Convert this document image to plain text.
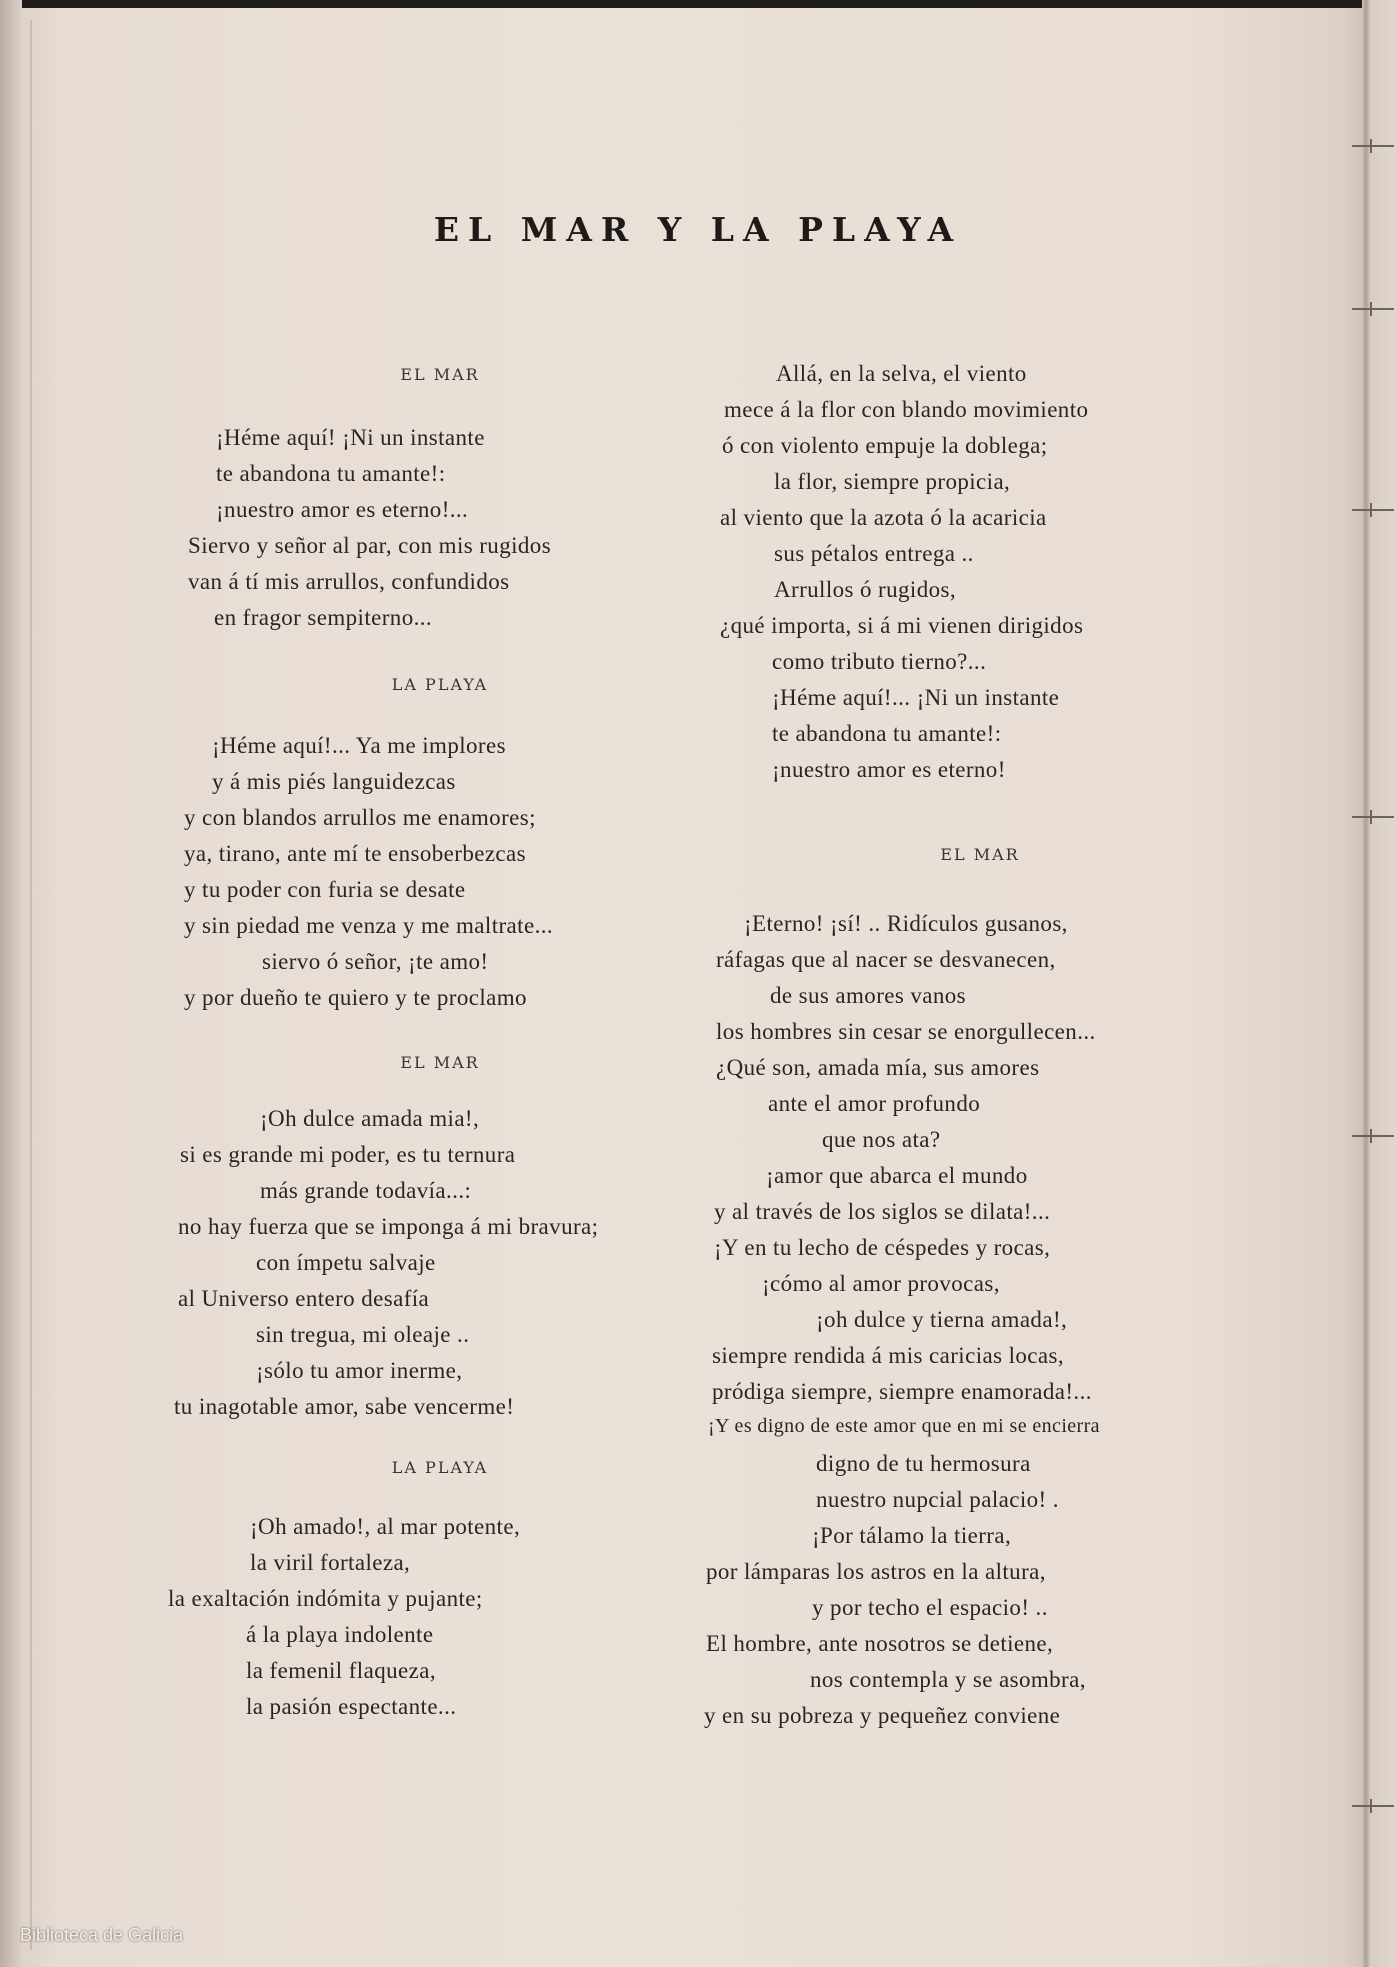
EL MAR Y LA PLAYA
EL MAR
¡Héme aquí! ¡Ni un instante
te abandona tu amante!:
¡nuestro amor es eterno!...
Siervo y señor al par, con mis rugidos
van á tí mis arrullos, confundidos
en fragor sempiterno...
LA PLAYA
¡Héme aquí!... Ya me implores
y á mis piés languidezcas
y con blandos arrullos me enamores;
ya, tirano, ante mí te ensoberbezcas
y tu poder con furia se desate
y sin piedad me venza y me maltrate...
siervo ó señor, ¡te amo!
y por dueño te quiero y te proclamo
EL MAR
¡Oh dulce amada mia!,
si es grande mi poder, es tu ternura
más grande todavía...:
no hay fuerza que se imponga á mi bravura;
con ímpetu salvaje
al Universo entero desafía
sin tregua, mi oleaje ..
¡sólo tu amor inerme,
tu inagotable amor, sabe vencerme!
LA PLAYA
¡Oh amado!, al mar potente,
la viril fortaleza,
la exaltación indómita y pujante;
á la playa indolente
la femenil flaqueza,
la pasión espectante...
Allá, en la selva, el viento
mece á la flor con blando movimiento
ó con violento empuje la doblega;
la flor, siempre propicia,
al viento que la azota ó la acaricia
sus pétalos entrega ..
Arrullos ó rugidos,
¿qué importa, si á mi vienen dirigidos
como tributo tierno?...
¡Héme aquí!... ¡Ni un instante
te abandona tu amante!:
¡nuestro amor es eterno!
EL MAR
¡Eterno! ¡sí! .. Ridículos gusanos,
ráfagas que al nacer se desvanecen,
de sus amores vanos
los hombres sin cesar se enorgullecen...
¿Qué son, amada mía, sus amores
ante el amor profundo
que nos ata?
¡amor que abarca el mundo
y al través de los siglos se dilata!...
¡Y en tu lecho de céspedes y rocas,
¡cómo al amor provocas,
¡oh dulce y tierna amada!,
siempre rendida á mis caricias locas,
pródiga siempre, siempre enamorada!...
¡Y es digno de este amor que en mi se encierra
digno de tu hermosura
nuestro nupcial palacio! .
¡Por tálamo la tierra,
por lámparas los astros en la altura,
y por techo el espacio! ..
El hombre, ante nosotros se detiene,
nos contempla y se asombra,
y en su pobreza y pequeñez conviene
Biblioteca de Galicia
